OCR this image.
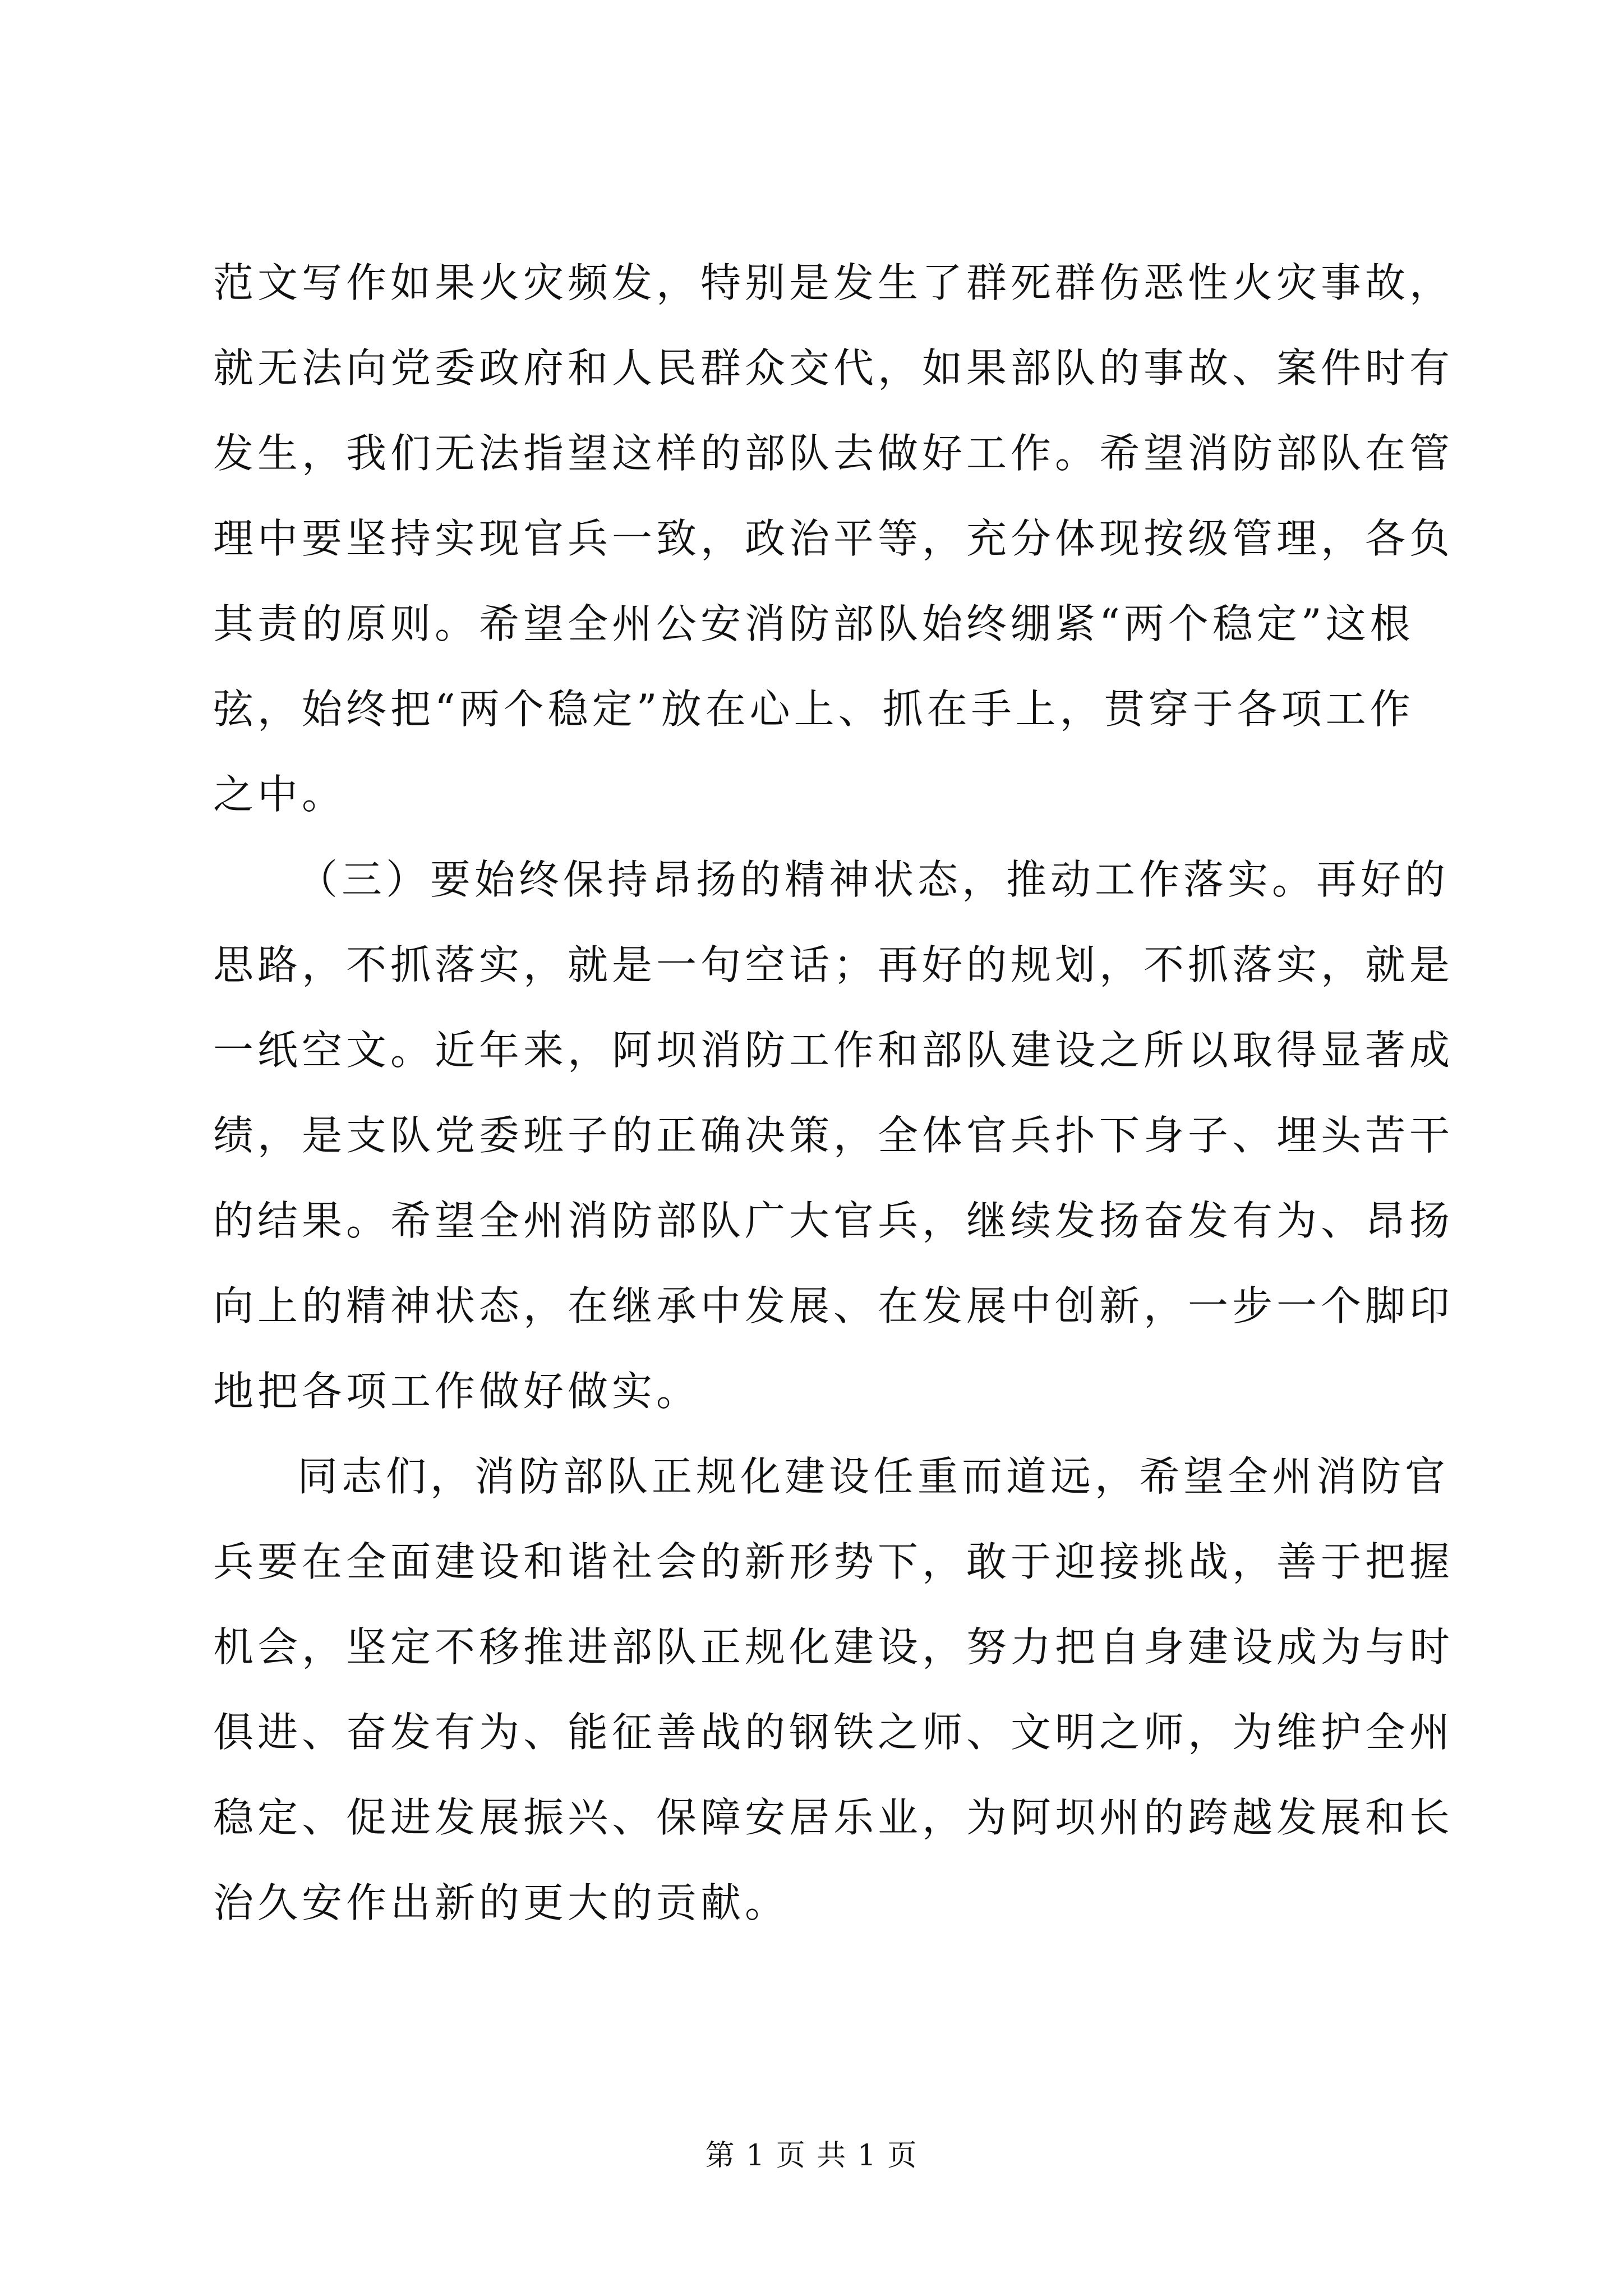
范文写作如果火灾频发，特别是发生了群死群伤恶性火灾事故，
就无法向党委政府和人民群众交代，如果部队的事故、案件时有
发生，我们无法指望这样的部队去做好工作。希望消防部队在管
理中要坚持实现官兵一致，政治平等，充分体现按级管理，各负
其责的原则。希望全州公安消防部队始终绷紧“两个稳定”这根
弦，始终把“两个稳定”放在心上、抓在手上，贯穿于各项工作
之中。
（三）要始终保持昂扬的精神状态，推动工作落实。再好的
思路，不抓落实，就是一句空话；再好的规划，不抓落实，就是
一纸空文。近年来，阿坝消防工作和部队建设之所以取得显著成
绩，是支队党委班子的正确决策，全体官兵扑下身子、埋头苦干
的结果。希望全州消防部队广大官兵，继续发扬奋发有为、昂扬
向上的精神状态，在继承中发展、在发展中创新，一步一个脚印
地把各项工作做好做实。
同志们，消防部队正规化建设任重而道远，希望全州消防官
兵要在全面建设和谐社会的新形势下，敢于迎接挑战，善于把握
机会，坚定不移推进部队正规化建设，努力把自身建设成为与时
俱进、奋发有为、能征善战的钢铁之师、文明之师，为维护全州
稳定、促进发展振兴、保障安居乐业，为阿坝州的跨越发展和长
治久安作出新的更大的贡献。
第 1 页 共 1 页
